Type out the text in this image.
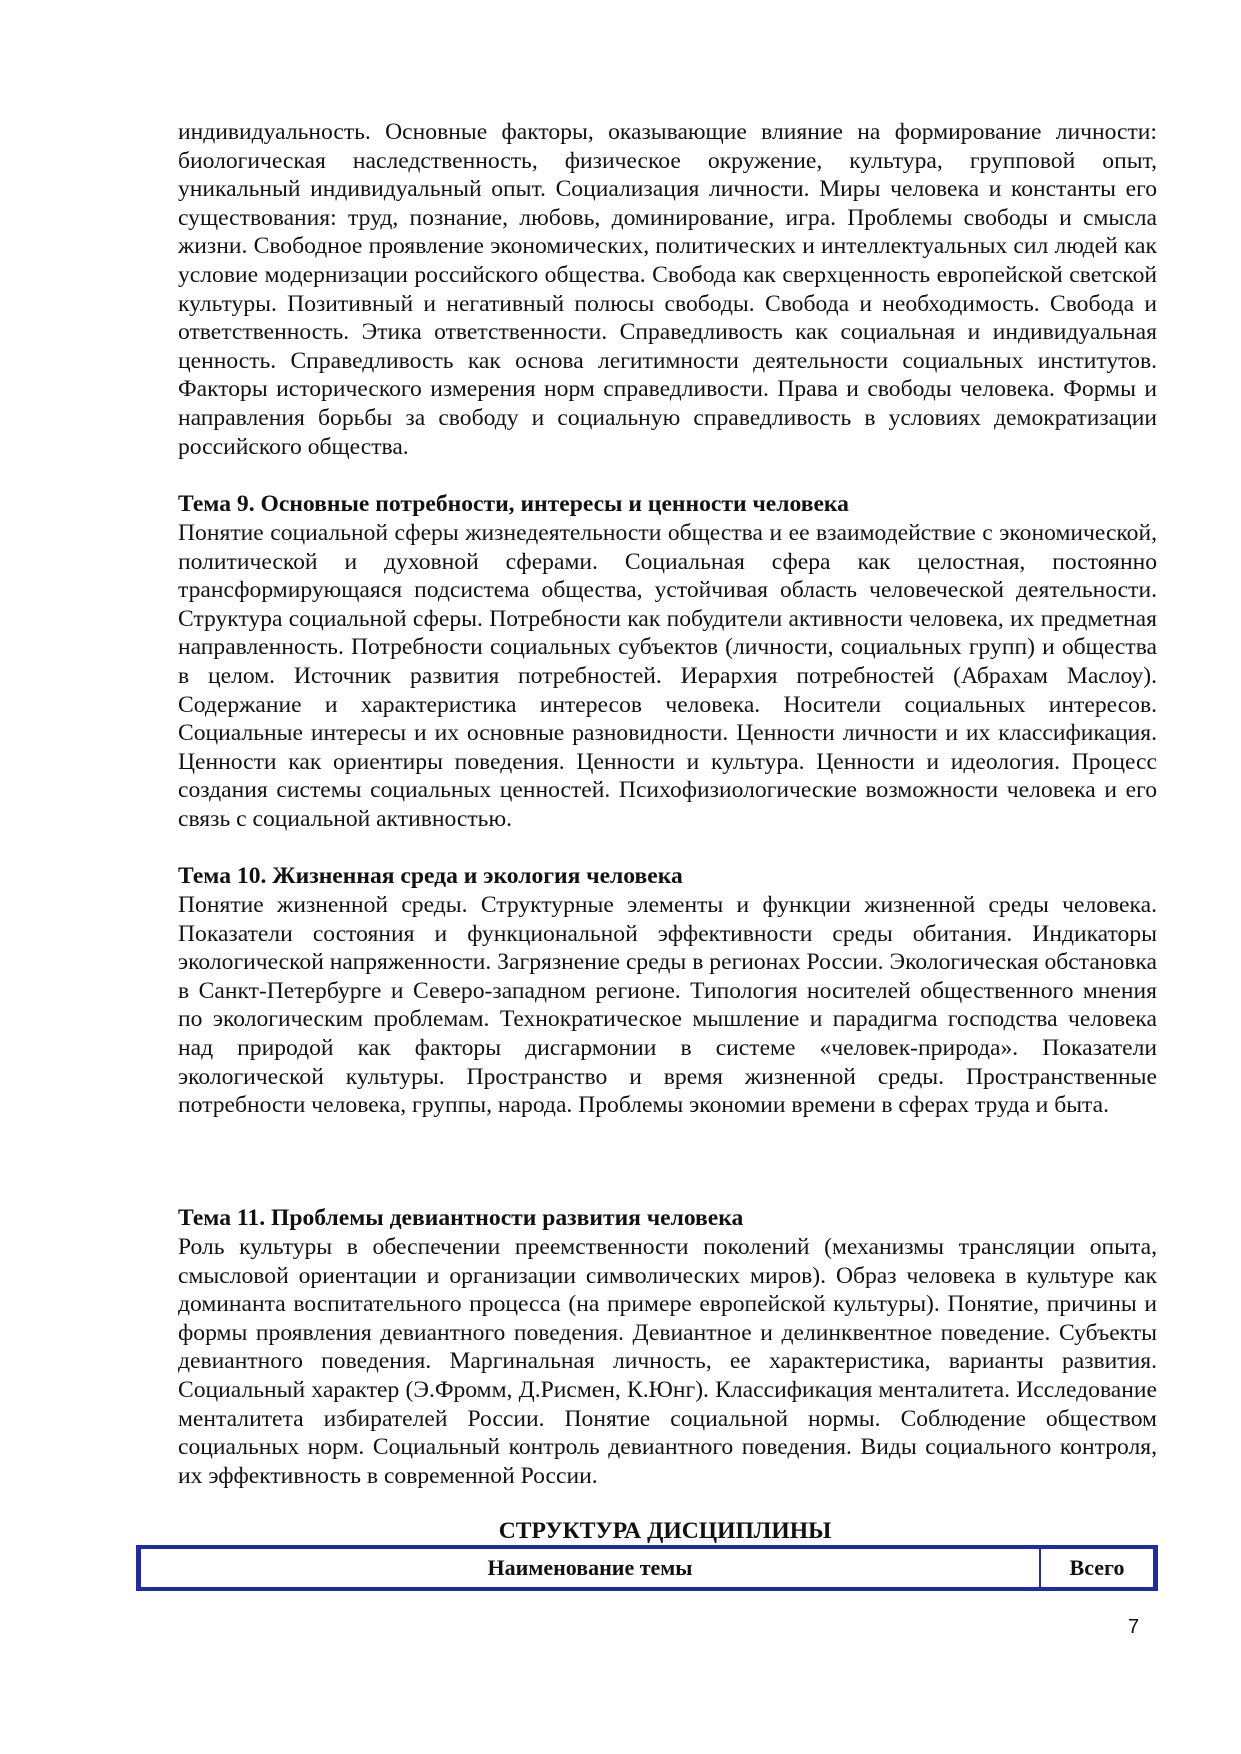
индивидуальность. Основные факторы, оказывающие влияние на формирование личности: биологическая наследственность, физическое окружение, культура, групповой опыт, уникальный индивидуальный опыт. Социализация личности. Миры человека и константы его существования: труд, познание, любовь, доминирование, игра. Проблемы свободы и смысла жизни. Свободное проявление экономических, политических и интеллектуальных сил людей как условие модернизации российского общества. Свобода как сверхценность европейской светской культуры. Позитивный и негативный полюсы свободы. Свобода и необходимость. Свобода и ответственность. Этика ответственности. Справедливость как социальная и индивидуальная ценность. Справедливость как основа легитимности деятельности социальных институтов. Факторы исторического измерения норм справедливости. Права и свободы человека. Формы и направления борьбы за свободу и социальную справедливость в условиях демократизации российского общества.

Тема 9. Основные потребности, интересы и ценности человека

Понятие социальной сферы жизнедеятельности общества и ее взаимодействие с экономической, политической и духовной сферами. Социальная сфера как целостная, постоянно трансформирующаяся подсистема общества, устойчивая область человеческой деятельности. Структура социальной сферы. Потребности как побудители активности человека, их предметная направленность. Потребности социальных субъектов (личности, социальных групп) и общества в целом. Источник развития потребностей. Иерархия потребностей (Абрахам Маслоу). Содержание и характеристика интересов человека. Носители социальных интересов. Социальные интересы и их основные разновидности. Ценности личности и их классификация. Ценности как ориентиры поведения. Ценности и культура. Ценности и идеология. Процесс создания системы социальных ценностей. Психофизиологические возможности человека и его связь с социальной активностью.

Тема 10. Жизненная среда и экология человека

Понятие жизненной среды. Структурные элементы и функции жизненной среды человека. Показатели состояния и функциональной эффективности среды обитания. Индикаторы экологической напряженности. Загрязнение среды в регионах России. Экологическая обстановка в Санкт-Петербурге и Северо-западном регионе. Типология носителей общественного мнения по экологическим проблемам. Технократическое мышление и парадигма господства человека над природой как факторы дисгармонии в системе «человек-природа». Показатели экологической культуры. Пространство и время жизненной среды. Пространственные потребности человека, группы, народа. Проблемы экономии времени в сферах труда и быта.

Тема 11. Проблемы девиантности развития человека

Роль культуры в обеспечении преемственности поколений (механизмы трансляции опыта, смысловой ориентации и организации символических миров). Образ человека в культуре как доминанта воспитательного процесса (на примере европейской культуры). Понятие, причины и формы проявления девиантного поведения. Девиантное и делинквентное поведение. Субъекты девиантного поведения. Маргинальная личность, ее характеристика, варианты развития. Социальный характер (Э.Фромм, Д.Рисмен, К.Юнг). Классификация менталитета. Исследование менталитета избирателей России. Понятие социальной нормы. Соблюдение обществом социальных норм. Социальный контроль девиантного поведения. Виды социального контроля, их эффективность в современной России.

СТРУКТУРА ДИСЦИПЛИНЫ
Наименование темы	Всего
7
